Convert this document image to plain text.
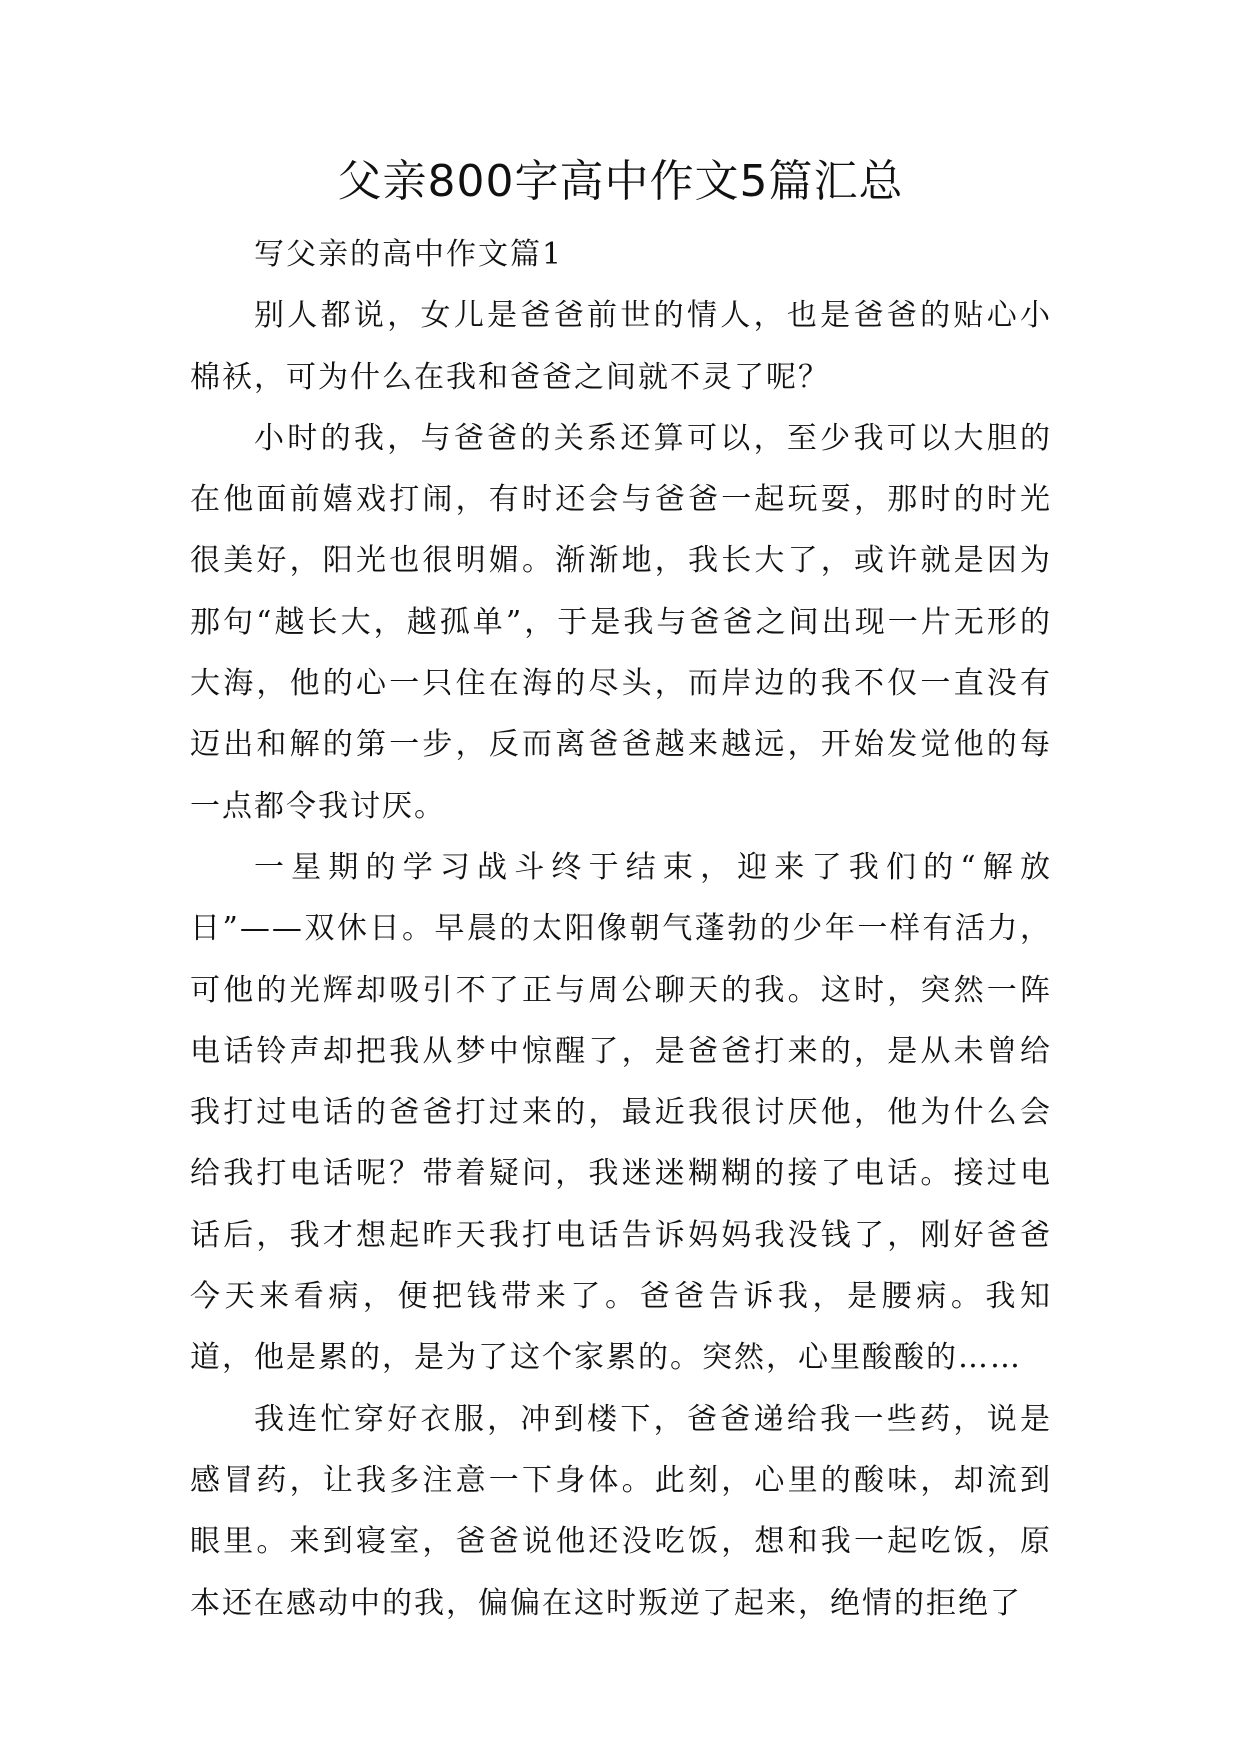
父亲800字高中作文5篇汇总

写父亲的高中作文篇1

别人都说，女儿是爸爸前世的情人，也是爸爸的贴心小棉袄，可为什么在我和爸爸之间就不灵了呢？

小时的我，与爸爸的关系还算可以，至少我可以大胆的在他面前嬉戏打闹，有时还会与爸爸一起玩耍，那时的时光很美好，阳光也很明媚。渐渐地，我长大了，或许就是因为那句“越长大，越孤单”，于是我与爸爸之间出现一片无形的大海，他的心一只住在海的尽头，而岸边的我不仅一直没有迈出和解的第一步，反而离爸爸越来越远，开始发觉他的每一点都令我讨厌。

一星期的学习战斗终于结束，迎来了我们的“解放日”——双休日。早晨的太阳像朝气蓬勃的少年一样有活力，可他的光辉却吸引不了正与周公聊天的我。这时，突然一阵电话铃声却把我从梦中惊醒了，是爸爸打来的，是从未曾给我打过电话的爸爸打过来的，最近我很讨厌他，他为什么会给我打电话呢？带着疑问，我迷迷糊糊的接了电话。接过电话后，我才想起昨天我打电话告诉妈妈我没钱了，刚好爸爸今天来看病，便把钱带来了。爸爸告诉我，是腰病。我知道，他是累的，是为了这个家累的。突然，心里酸酸的……

我连忙穿好衣服，冲到楼下，爸爸递给我一些药，说是感冒药，让我多注意一下身体。此刻，心里的酸味，却流到眼里。来到寝室，爸爸说他还没吃饭，想和我一起吃饭，原本还在感动中的我，偏偏在这时叛逆了起来，绝情的拒绝了
